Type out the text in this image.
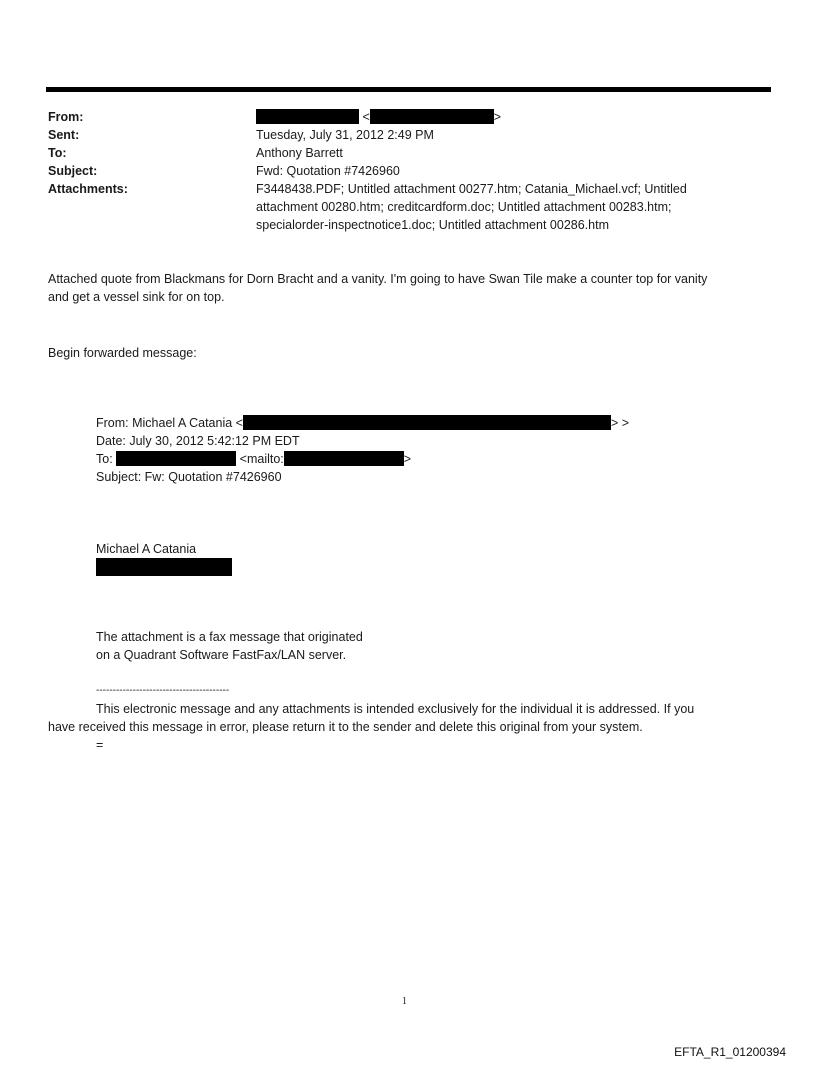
From:	<	>
Sent:	Tuesday, July 31, 2012 2:49 PM
To:	Anthony Barrett
Subject:	Fwd: Quotation #7426960
Attachments:	F3448438.PDF; Untitled attachment 00277.htm; Catania_Michael.vcf; Untitled
attachment 00280.htm; creditcardform.doc; Untitled attachment 00283.htm;
specialorder-inspectnotice1.doc; Untitled attachment 00286.htm
Attached quote from Blackmans for Dorn Bracht and a vanity. I'm going to have Swan Tile make a counter top for vanity
and get a vessel sink for on top.
Begin forwarded message:
From: Michael A Catania <	> >
Date: July 30, 2012 5:42:12 PM EDT
To:	<mailto:	>
Subject: Fw: Quotation #7426960
Michael A Catania
The attachment is a fax message that originated
on a Quadrant Software FastFax/LAN server.
----------------------------------------
This electronic message and any attachments is intended exclusively for the individual it is addressed. If you
have received this message in error, please return it to the sender and delete this original from your system.
=
1
EFTA_R1_01200394
